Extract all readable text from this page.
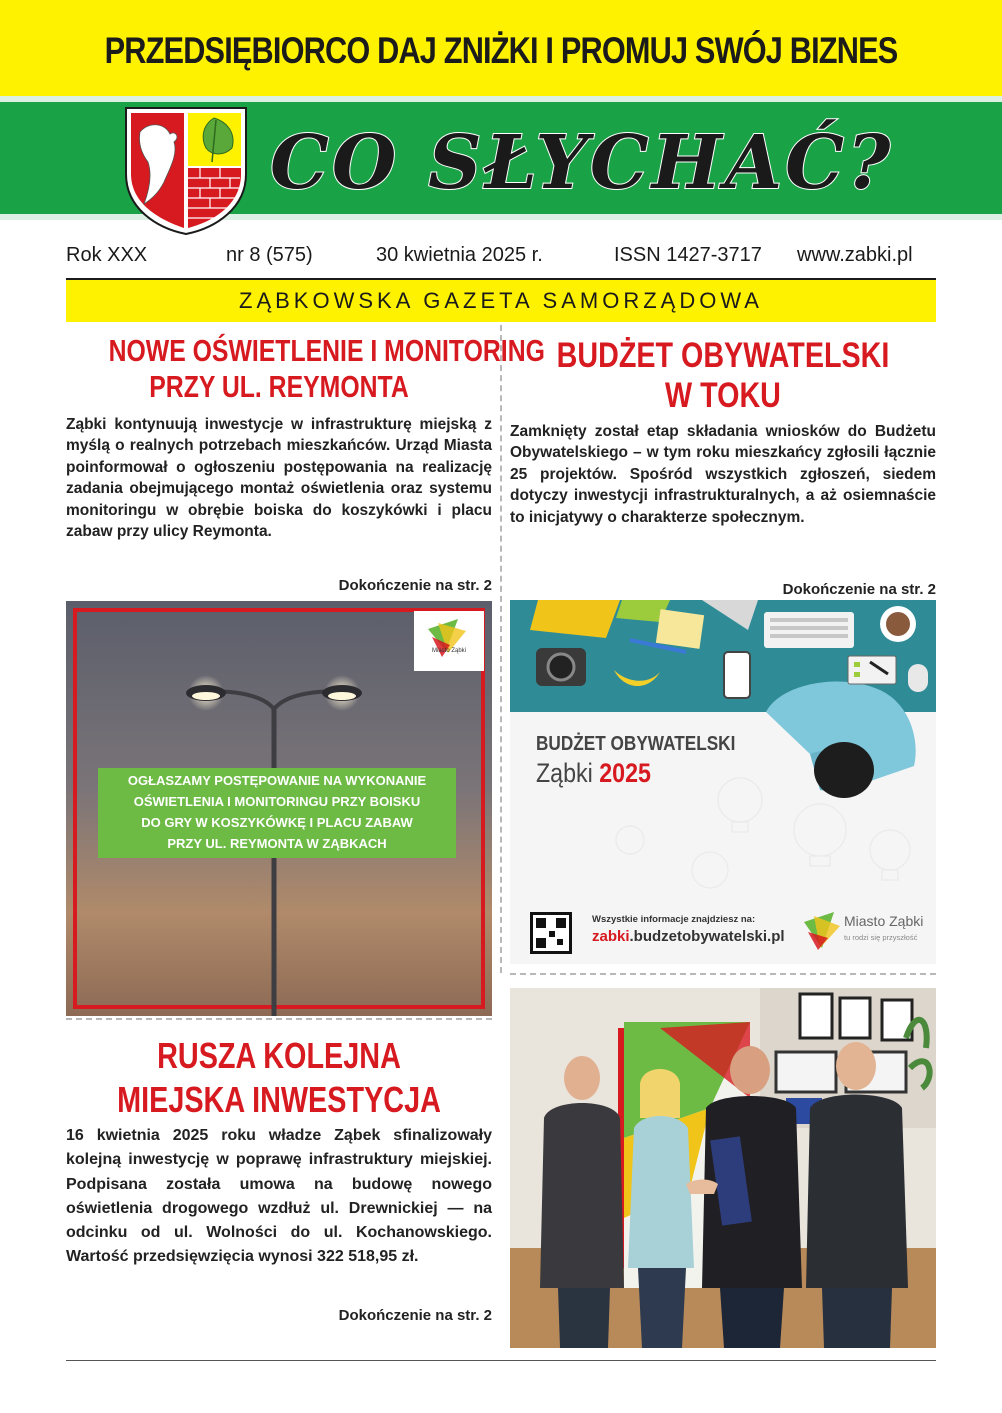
PRZEDSIĘBIORCO DAJ ZNIŻKI I PROMUJ SWÓJ BIZNES
CO SŁYCHAĆ?
Rok XXX	nr 8 (575)	30 kwietnia 2025 r.	ISSN 1427-3717 www.zabki.pl
ZĄBKOWSKA GAZETA SAMORZĄDOWA
NOWE OŚWIETLENIE I MONITORING
PRZY UL. REYMONTA
Ząbki kontynuują inwestycje w infrastrukturę miejską z myślą o realnych potrzebach mieszkańców. Urząd Miasta poinformował o ogłoszeniu postępowania na realizację zadania obejmującego montaż oświetlenia oraz systemu monitoringu w obrębie boiska do koszykówki i placu zabaw przy ulicy Reymonta.
Dokończenie na str. 2
OGŁASZAMY POSTĘPOWANIE NA WYKONANIE
OŚWIETLENIA I MONITORINGU PRZY BOISKU
DO GRY W KOSZYKÓWKĘ I PLACU ZABAW
PRZY UL. REYMONTA W ZĄBKACH
Miasto Ząbki
BUDŻET OBYWATELSKI
W TOKU
Zamknięty został etap składania wniosków do Budżetu Obywatelskiego – w tym roku mieszkańcy zgłosili łącznie 25 projektów. Spośród wszystkich zgłoszeń, siedem dotyczy inwestycji infrastrukturalnych, a aż osiemnaście to inicjatywy o charakterze społecznym.
Dokończenie na str. 2
BUDŻET OBYWATELSKI
Ząbki 2025
Wszystkie informacje znajdziesz na:
zabki.budzetobywatelski.pl
Miasto Ząbki
tu rodzi się przyszłość
RUSZA KOLEJNA
MIEJSKA INWESTYCJA
16 kwietnia 2025 roku władze Ząbek sfinalizowały kolejną inwestycję w poprawę infrastruktury miejskiej. Podpisana została umowa na budowę nowego oświetlenia drogowego wzdłuż ul. Drewnickiej — na odcinku od ul. Wolności do ul. Kochanowskiego. Wartość przedsięwzięcia wynosi 322 518,95 zł.
Dokończenie na str. 2
